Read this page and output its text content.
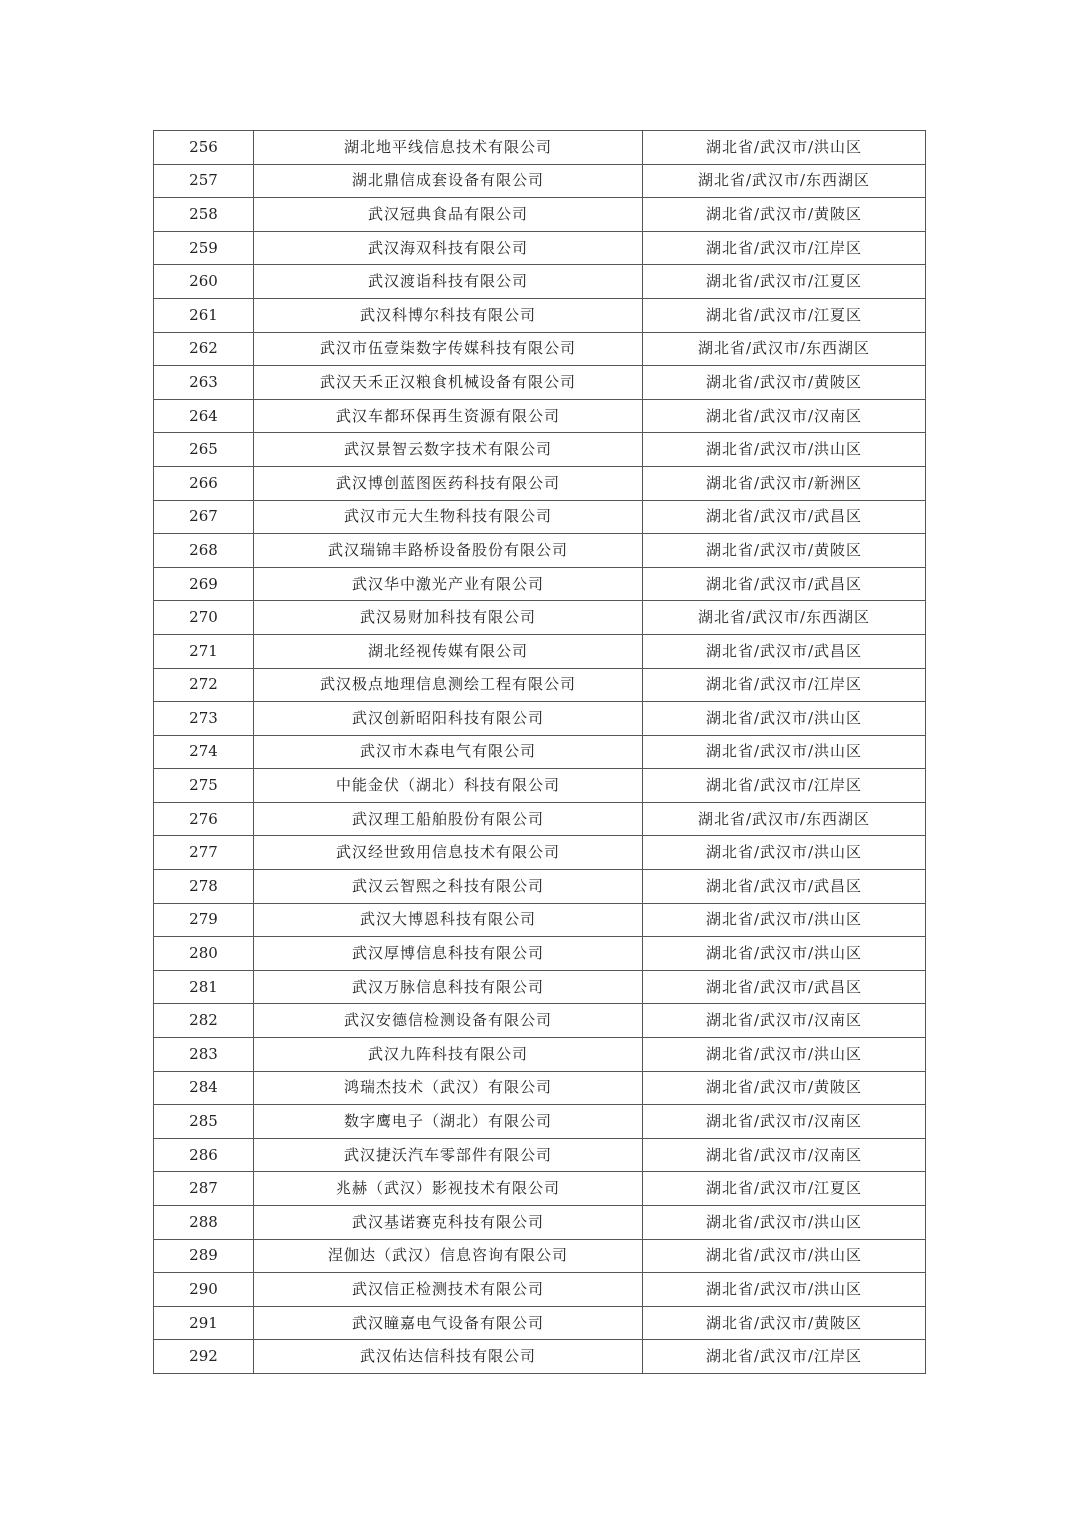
256	湖北地平线信息技术有限公司	湖北省/武汉市/洪山区
257	湖北鼎信成套设备有限公司	湖北省/武汉市/东西湖区
258	武汉冠典食品有限公司	湖北省/武汉市/黄陂区
259	武汉海双科技有限公司	湖北省/武汉市/江岸区
260	武汉渡诣科技有限公司	湖北省/武汉市/江夏区
261	武汉科博尔科技有限公司	湖北省/武汉市/江夏区
262	武汉市伍壹柒数字传媒科技有限公司	湖北省/武汉市/东西湖区
263	武汉天禾正汉粮食机械设备有限公司	湖北省/武汉市/黄陂区
264	武汉车都环保再生资源有限公司	湖北省/武汉市/汉南区
265	武汉景智云数字技术有限公司	湖北省/武汉市/洪山区
266	武汉博创蓝图医药科技有限公司	湖北省/武汉市/新洲区
267	武汉市元大生物科技有限公司	湖北省/武汉市/武昌区
268	武汉瑞锦丰路桥设备股份有限公司	湖北省/武汉市/黄陂区
269	武汉华中激光产业有限公司	湖北省/武汉市/武昌区
270	武汉易财加科技有限公司	湖北省/武汉市/东西湖区
271	湖北经视传媒有限公司	湖北省/武汉市/武昌区
272	武汉极点地理信息测绘工程有限公司	湖北省/武汉市/江岸区
273	武汉创新昭阳科技有限公司	湖北省/武汉市/洪山区
274	武汉市木森电气有限公司	湖北省/武汉市/洪山区
275	中能金伏（湖北）科技有限公司	湖北省/武汉市/江岸区
276	武汉理工船舶股份有限公司	湖北省/武汉市/东西湖区
277	武汉经世致用信息技术有限公司	湖北省/武汉市/洪山区
278	武汉云智熙之科技有限公司	湖北省/武汉市/武昌区
279	武汉大博恩科技有限公司	湖北省/武汉市/洪山区
280	武汉厚博信息科技有限公司	湖北省/武汉市/洪山区
281	武汉万脉信息科技有限公司	湖北省/武汉市/武昌区
282	武汉安德信检测设备有限公司	湖北省/武汉市/汉南区
283	武汉九阵科技有限公司	湖北省/武汉市/洪山区
284	鸿瑞杰技术（武汉）有限公司	湖北省/武汉市/黄陂区
285	数字鹰电子（湖北）有限公司	湖北省/武汉市/汉南区
286	武汉捷沃汽车零部件有限公司	湖北省/武汉市/汉南区
287	兆赫（武汉）影视技术有限公司	湖北省/武汉市/江夏区
288	武汉基诺赛克科技有限公司	湖北省/武汉市/洪山区
289	涅伽达（武汉）信息咨询有限公司	湖北省/武汉市/洪山区
290	武汉信正检测技术有限公司	湖北省/武汉市/洪山区
291	武汉瞳嘉电气设备有限公司	湖北省/武汉市/黄陂区
292	武汉佑达信科技有限公司	湖北省/武汉市/江岸区
